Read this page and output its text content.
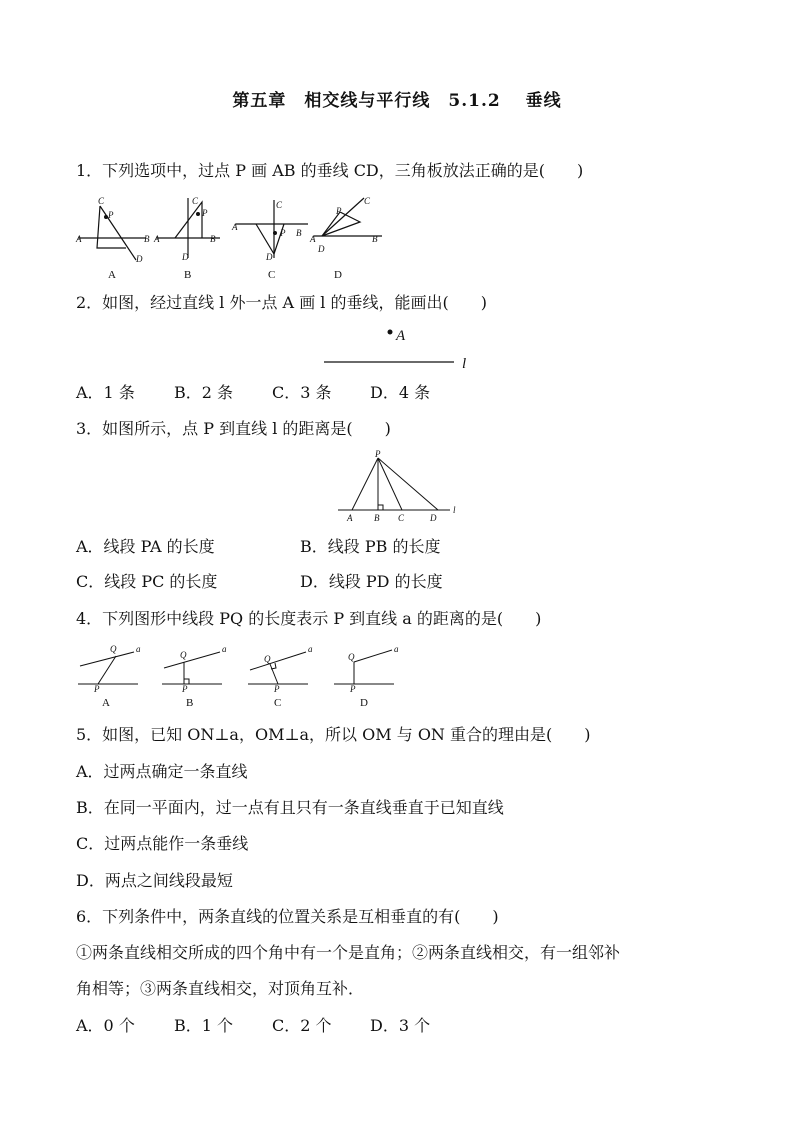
第五章　相交线与平行线　5.1.2　 垂线
1．下列选项中，过点 P 画 AB 的垂线 CD，三角板放法正确的是(　　)
C
P
A	B
D
C
P
A	B
D
C
P
A
B
D
C
P
A	B
D
A	B	C	D
2．如图，经过直线 l 外一点 A 画 l 的垂线，能画出(　　)
A
l
A．1 条 B．2 条 C．3 条 D．4 条
3．如图所示，点 P 到直线 l 的距离是(　　)
P
A B C	D
l
A．线段 PA 的长度	B．线段 PB 的长度
C．线段 PC 的长度	D．线段 PD 的长度
4．下列图形中线段 PQ 的长度表示 P 到直线 a 的距离的是(　　)
Q a
P
Q
a
P
Q
a
P
Q
a
P
A	B	C	D
5．如图，已知 ON⊥a，OM⊥a，所以 OM 与 ON 重合的理由是(　　)
A．过两点确定一条直线
B．在同一平面内，过一点有且只有一条直线垂直于已知直线
C．过两点能作一条垂线
D．两点之间线段最短
6．下列条件中，两条直线的位置关系是互相垂直的有(　　)
①两条直线相交所成的四个角中有一个是直角；②两条直线相交，有一组邻补
角相等；③两条直线相交，对顶角互补．
A．0 个 B．1 个 C．2 个 D．3 个
